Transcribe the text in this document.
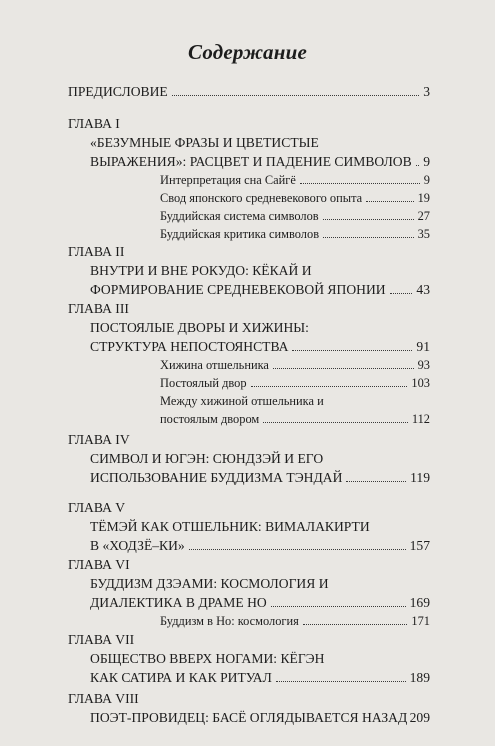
Содержание
ПРЕДИСЛОВИЕ	3
ГЛАВА I
«БЕЗУМНЫЕ ФРАЗЫ И ЦВЕТИСТЫЕ
ВЫРАЖЕНИЯ»: РАСЦВЕТ И ПАДЕНИЕ СИМВОЛОВ 9
Интерпретация сна Сайгё	9
Свод японского средневекового опыта	19
Буддийская система символов	27
Буддийская критика символов	35
ГЛАВА II
ВНУТРИ И ВНЕ РОКУДО: КЁКАЙ И
ФОРМИРОВАНИЕ СРЕДНЕВЕКОВОЙ ЯПОНИИ 43
ГЛАВА III
ПОСТОЯЛЫЕ ДВОРЫ И ХИЖИНЫ:
СТРУКТУРА НЕПОСТОЯНСТВА	91
Хижина отшельника	93
Постоялый двор	103
Между хижиной отшельника и
постоялым двором	112
ГЛАВА IV
СИМВОЛ И ЮГЭН: СЮНДЗЭЙ И ЕГО
ИСПОЛЬЗОВАНИЕ БУДДИЗМА ТЭНДАЙ	119
ГЛАВА V
ТЁМЭЙ КАК ОТШЕЛЬНИК: ВИМАЛАКИРТИ
В «ХОДЗЁ–КИ»	157
ГЛАВА VI
БУДДИЗМ ДЗЭАМИ: КОСМОЛОГИЯ И
ДИАЛЕКТИКА В ДРАМЕ НО	169
Буддизм в Но: космология	171
ГЛАВА VII
ОБЩЕСТВО ВВЕРХ НОГАМИ: КЁГЭН
КАК САТИРА И КАК РИТУАЛ	189
ГЛАВА VIII
ПОЭТ-ПРОВИДЕЦ: БАСЁ ОГЛЯДЫВАЕТСЯ НАЗАД 209
